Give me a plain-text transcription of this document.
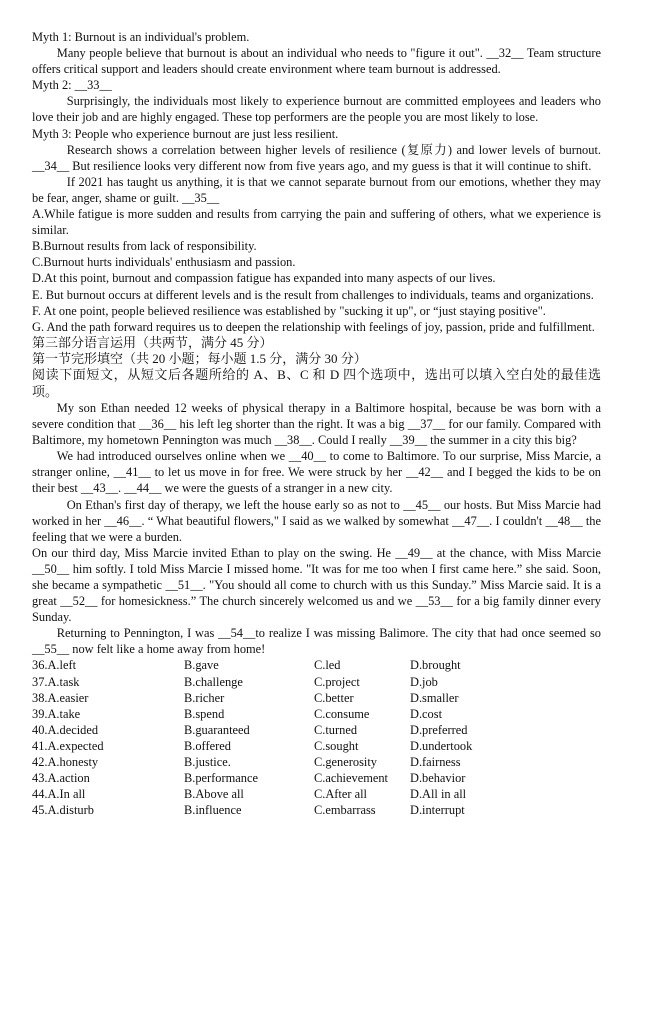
Myth 1: Burnout is an individual's problem.

Many people believe that burnout is about an individual who needs to "figure it out". __32__ Team structure offers critical support and leaders should create environment where team burnout is addressed.

Myth 2: __33__

Surprisingly, the individuals most likely to experience burnout are committed employees and leaders who love their job and are highly engaged. These top performers are the people you are most likely to lose.

Myth 3: People who experience burnout are just less resilient.

Research shows a correlation between higher levels of resilience (复原力) and lower levels of burnout. __34__ But resilience looks very different now from five years ago, and my guess is that it will continue to shift.

If 2021 has taught us anything, it is that we cannot separate burnout from our emotions, whether they may be fear, anger, shame or guilt. __35__

A.While fatigue is more sudden and results from carrying the pain and suffering of others, what we experience is similar.

B.Burnout results from lack of responsibility.

C.Burnout hurts individuals' enthusiasm and passion.

D.At this point, burnout and compassion fatigue has expanded into many aspects of our lives.

E. But burnout occurs at different levels and is the result from challenges to individuals, teams and organizations.

F. At one point, people believed resilience was established by "sucking it up", or “just staying positive".

G. And the path forward requires us to deepen the relationship with feelings of joy, passion, pride and fulfillment.

第三部分语言运用（共两节，满分 45 分）

第一节完形填空（共 20 小题；每小题 1.5 分，满分 30 分）

阅读下面短文，从短文后各题所给的 A、B、C 和 D 四个选项中，选出可以填入空白处的最佳选项。

My son Ethan needed 12 weeks of physical therapy in a Baltimore hospital, because be was born with a severe condition that __36__ his left leg shorter than the right. It was a big __37__ for our family. Compared with Baltimore, my hometown Pennington was much __38__. Could I really __39__ the summer in a city this big?

We had introduced ourselves online when we __40__ to come to Baltimore. To our surprise, Miss Marcie, a stranger online, __41__ to let us move in for free. We were struck by her __42__ and I begged the kids to be on their best __43__. __44__ we were the guests of a stranger in a new city.

On Ethan's first day of therapy, we left the house early so as not to __45__ our hosts. But Miss Marcie had worked in her __46__. “ What beautiful flowers," I said as we walked by somewhat __47__. I couldn't __48__ the feeling that we were a burden.

On our third day, Miss Marcie invited Ethan to play on the swing. He __49__ at the chance, with Miss Marcie __50__ him softly. I told Miss Marcie I missed home. "It was for me too when I first came here.” she said. Soon, she became a sympathetic __51__. "You should all come to church with us this Sunday.” Miss Marcie said. It is a great __52__ for homesickness.” The church sincerely welcomed us and we __53__ for a big family dinner every Sunday.

Returning to Pennington, I was __54__to realize I was missing Balimore. The city that had once seemed so __55__ now felt like a home away from home!

36.A.left	B.gave	C.led	D.brought
37.A.task	B.challenge	C.project	D.job
38.A.easier	B.richer	C.better	D.smaller
39.A.take	B.spend	C.consume	D.cost
40.A.decided	B.guaranteed	C.turned	D.preferred
41.A.expected	B.offered	C.sought	D.undertook
42.A.honesty	B.justice.	C.generosity	D.fairness
43.A.action	B.performance	C.achievement D.behavior
44.A.In all	B.Above all	C.After all	D.All in all
45.A.disturb	B.influence	C.embarrass	D.interrupt
